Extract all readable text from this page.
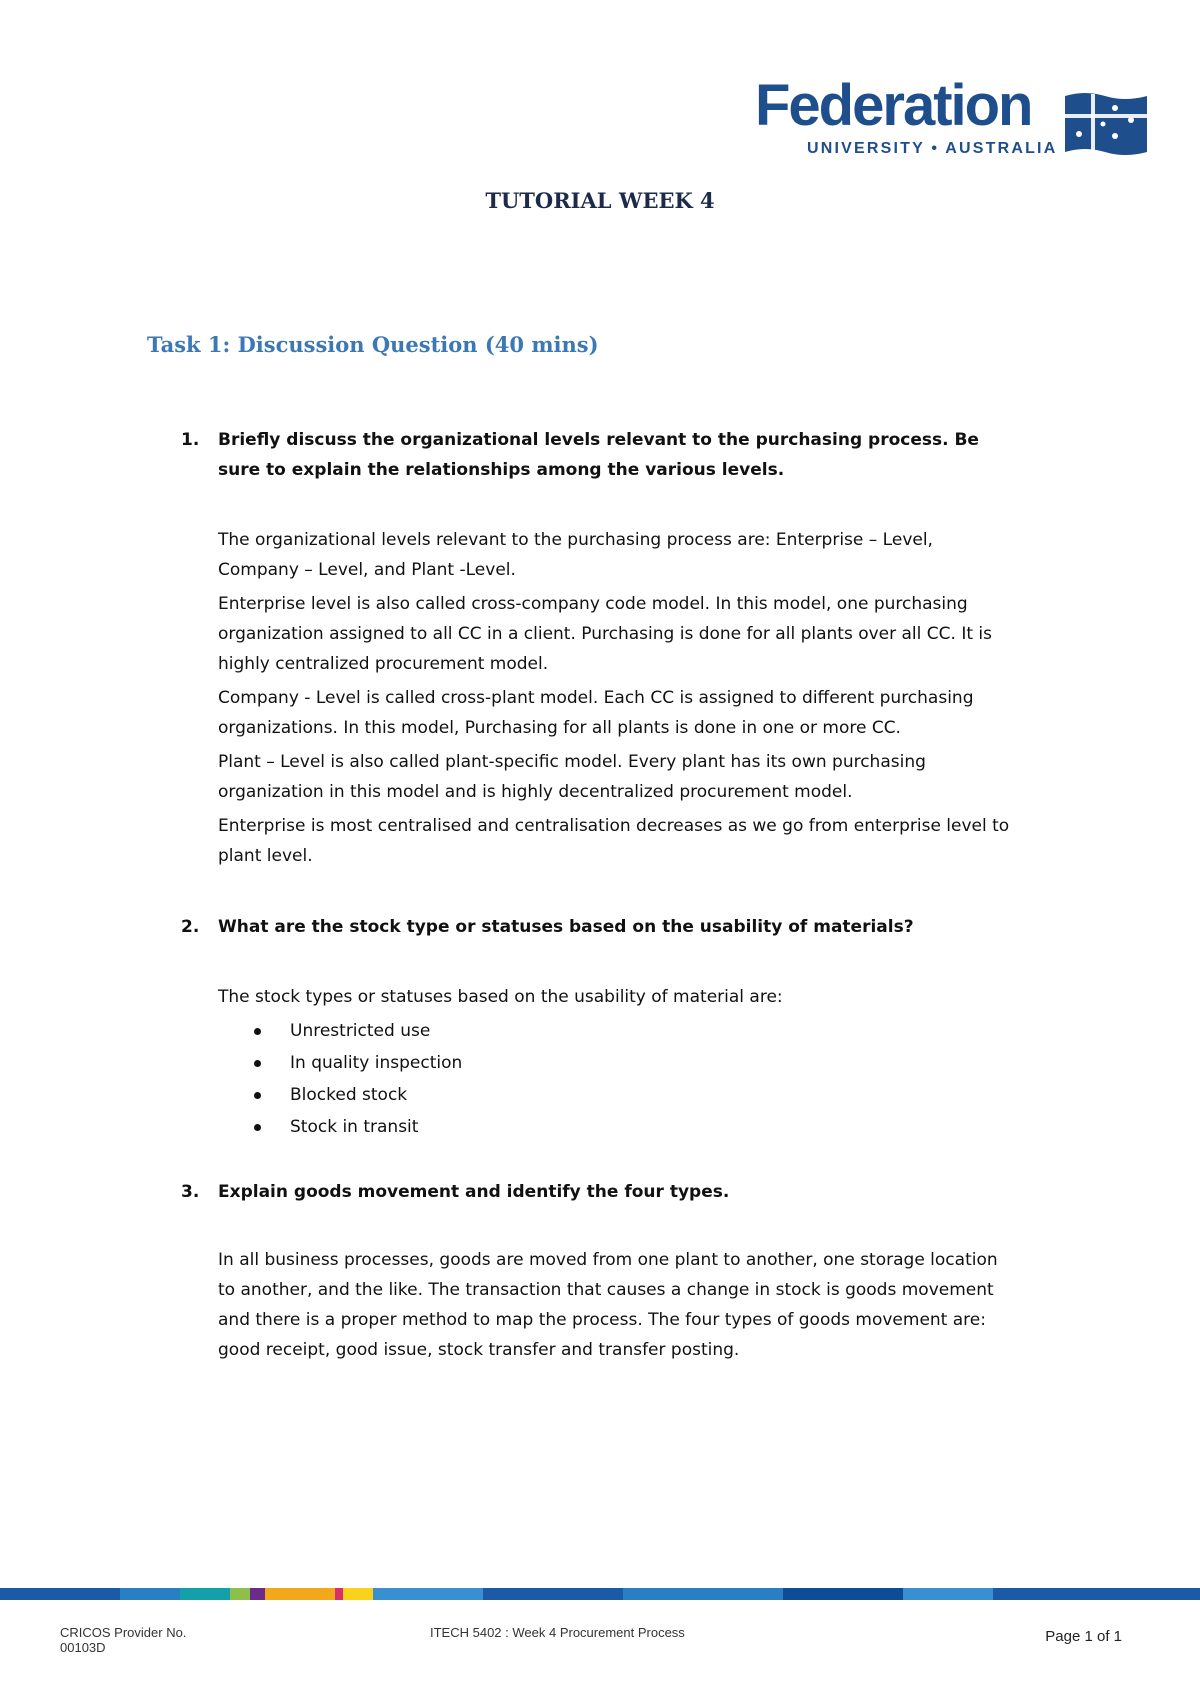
Federation
UNIVERSITY • AUSTRALIA
TUTORIAL WEEK 4
Task 1: Discussion Question (40 mins)
1. Briefly discuss the organizational levels relevant to the purchasing process. Be sure to explain the relationships among the various levels.

The organizational levels relevant to the purchasing process are: Enterprise – Level, Company – Level, and Plant -Level.

Enterprise level is also called cross-company code model. In this model, one purchasing organization assigned to all CC in a client. Purchasing is done for all plants over all CC. It is highly centralized procurement model.

Company - Level is called cross-plant model. Each CC is assigned to different purchasing organizations. In this model, Purchasing for all plants is done in one or more CC.

Plant – Level is also called plant-specific model. Every plant has its own purchasing organization in this model and is highly decentralized procurement model.

Enterprise is most centralised and centralisation decreases as we go from enterprise level to plant level.

2. What are the stock type or statuses based on the usability of materials?

The stock types or statuses based on the usability of material are:

Unrestricted use
In quality inspection
Blocked stock
Stock in transit
3. Explain goods movement and identify the four types.

In all business processes, goods are moved from one plant to another, one storage location to another, and the like. The transaction that causes a change in stock is goods movement and there is a proper method to map the process. The four types of goods movement are: good receipt, good issue, stock transfer and transfer posting.

CRICOS Provider No.
00103D
ITECH 5402 : Week 4 Procurement Process	Page 1 of 1
